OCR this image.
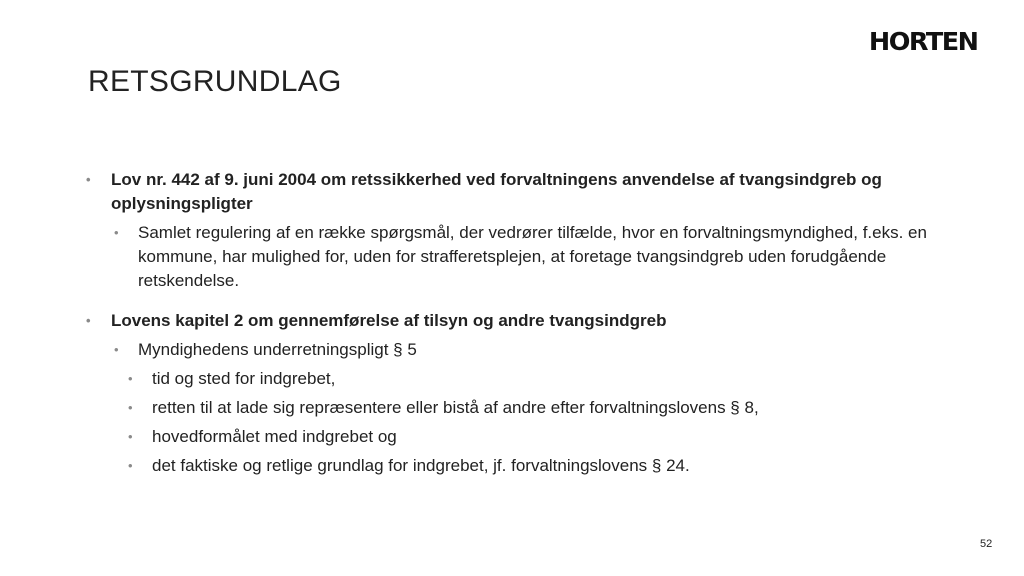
HORTEN
RETSGRUNDLAG
• Lov nr. 442 af 9. juni 2004 om retssikkerhed ved forvaltningens anvendelse af tvangsindgreb og oplysningspligter
• Samlet regulering af en række spørgsmål, der vedrører tilfælde, hvor en forvaltningsmyndighed, f.eks. en kommune, har mulighed for, uden for strafferetsplejen, at foretage tvangsindgreb uden forudgående retskendelse.
• Lovens kapitel 2 om gennemførelse af tilsyn og andre tvangsindgreb
• Myndighedens underretningspligt § 5
• tid og sted for indgrebet,
• retten til at lade sig repræsentere eller bistå af andre efter forvaltningslovens § 8,
• hovedformålet med indgrebet og
• det faktiske og retlige grundlag for indgrebet, jf. forvaltningslovens § 24.
52
